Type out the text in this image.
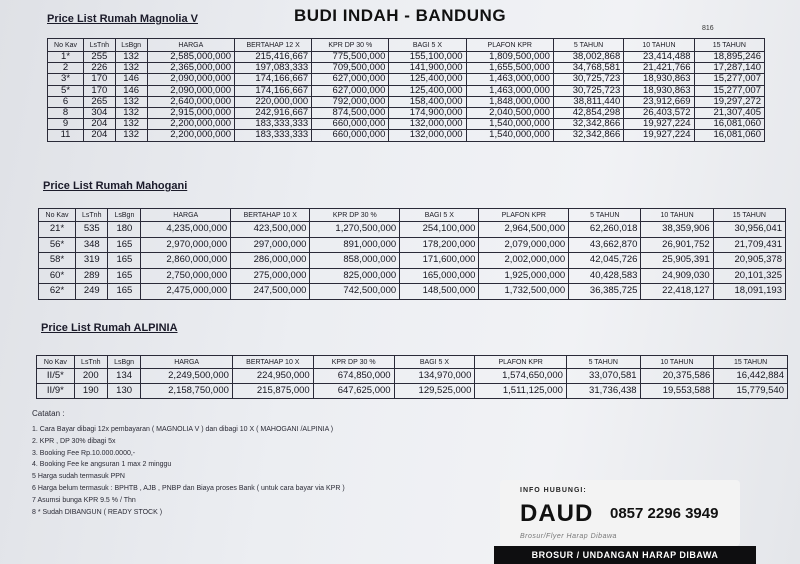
Price List Rumah Magnolia V	BUDI INDAH - BANDUNG
816
No Kav	LsTnh	LsBgn	HARGA	BERTAHAP 12 X	KPR DP 30 %	BAGI 5 X	PLAFON KPR	5 TAHUN	10 TAHUN	15 TAHUN
1*	255	132	2,585,000,000	215,416,667	775,500,000	155,100,000	1,809,500,000	38,002,868	23,414,488	18,895,246
2	226	132	2,365,000,000	197,083,333	709,500,000	141,900,000	1,655,500,000	34,768,581	21,421,766	17,287,140
3*	170	146	2,090,000,000	174,166,667	627,000,000	125,400,000	1,463,000,000	30,725,723	18,930,863	15,277,007
5*	170	146	2,090,000,000	174,166,667	627,000,000	125,400,000	1,463,000,000	30,725,723	18,930,863	15,277,007
6	265	132	2,640,000,000	220,000,000	792,000,000	158,400,000	1,848,000,000	38,811,440	23,912,669	19,297,272
8	304	132	2,915,000,000	242,916,667	874,500,000	174,900,000	2,040,500,000	42,854,298	26,403,572	21,307,405
9	204	132	2,200,000,000	183,333,333	660,000,000	132,000,000	1,540,000,000	32,342,866	19,927,224	16,081,060
11	204	132	2,200,000,000	183,333,333	660,000,000	132,000,000	1,540,000,000	32,342,866	19,927,224	16,081,060
Price List Rumah Mahogani
No Kav	LsTnh	LsBgn	HARGA	BERTAHAP 10 X	KPR DP 30 %	BAGI 5 X	PLAFON KPR	5 TAHUN	10 TAHUN	15 TAHUN
21*	535	180	4,235,000,000	423,500,000	1,270,500,000	254,100,000	2,964,500,000	62,260,018	38,359,906	30,956,041
56*	348	165	2,970,000,000	297,000,000	891,000,000	178,200,000	2,079,000,000	43,662,870	26,901,752	21,709,431
58*	319	165	2,860,000,000	286,000,000	858,000,000	171,600,000	2,002,000,000	42,045,726	25,905,391	20,905,378
60*	289	165	2,750,000,000	275,000,000	825,000,000	165,000,000	1,925,000,000	40,428,583	24,909,030	20,101,325
62*	249	165	2,475,000,000	247,500,000	742,500,000	148,500,000	1,732,500,000	36,385,725	22,418,127	18,091,193
Price List Rumah ALPINIA
No Kav	LsTnh	LsBgn	HARGA	BERTAHAP 10 X	KPR DP 30 %	BAGI 5 X	PLAFON KPR	5 TAHUN	10 TAHUN	15 TAHUN
II/5*	200	134	2,249,500,000	224,950,000	674,850,000	134,970,000	1,574,650,000	33,070,581	20,375,586	16,442,884
II/9*	190	130	2,158,750,000	215,875,000	647,625,000	129,525,000	1,511,125,000	31,736,438	19,553,588	15,779,540
Catatan :
1. Cara Bayar dibagi 12x pembayaran ( MAGNOLIA V ) dan dibagi 10 X ( MAHOGANI /ALPINIA )
2. KPR , DP 30% dibagi 5x
3. Booking Fee Rp.10.000.0000,-
4. Booking Fee ke angsuran 1 max 2 minggu
5 Harga sudah termasuk PPN
6 Harga belum termasuk : BPHTB , AJB , PNBP dan Biaya proses Bank ( untuk cara bayar via KPR )
7 Asumsi bunga KPR 9.5 % / Thn
8 * Sudah DIBANGUN ( READY STOCK )
INFO HUBUNGI:
DAUD 0857 2296 3949
Brosur/Flyer Harap Dibawa
BROSUR / UNDANGAN HARAP DIBAWA
